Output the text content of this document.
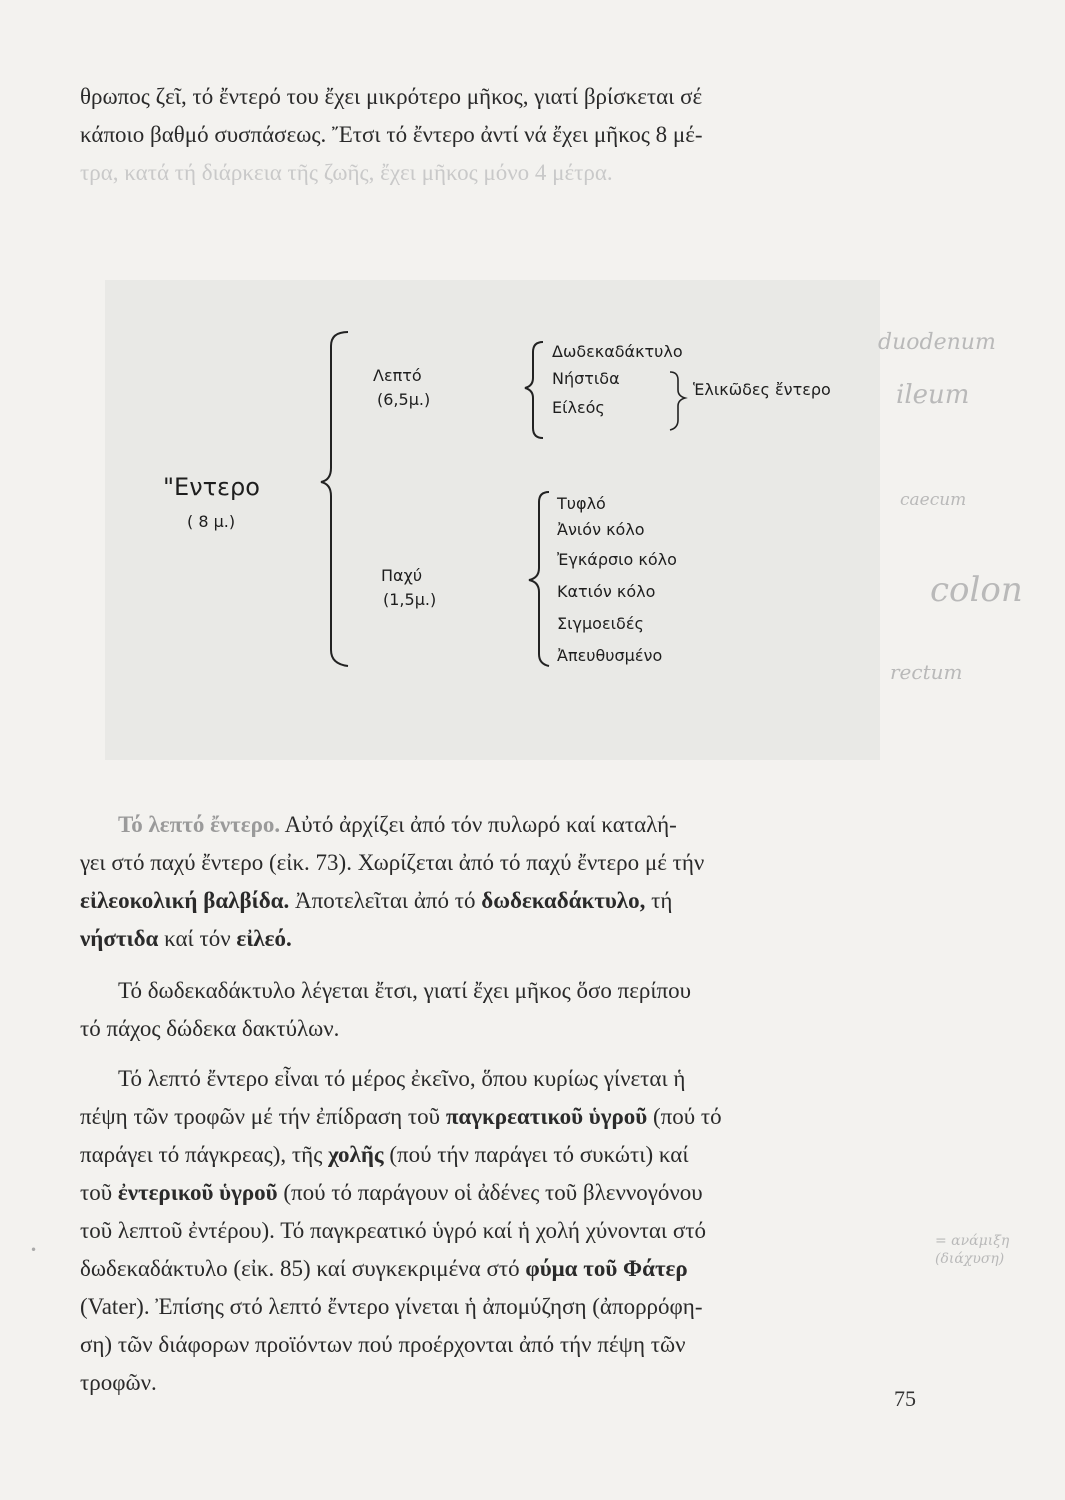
θρωπος ζεῖ, τό ἔντερό του ἔχει μικρότερο μῆκος, γιατί βρίσκεται σέ
κάποιο βαθμό συσπάσεως. Ἔτσι τό ἔντερο ἀντί νά ἔχει μῆκος 8 μέ-
τρα, κατά τή διάρκεια τῆς ζωῆς, ἔχει μῆκος μόνο 4 μέτρα.
"Εντερο
( 8 μ.)
Λεπτό
(6,5μ.)
Δωδεκαδάκτυλο
Νήστιδα
Είλεός
Ἑλικῶδες ἔντερο
Παχύ
(1,5μ.)
Τυφλό
Ἀνιόν κόλο
Ἐγκάρσιο κόλο
Κατιόν κόλο
Σιγμοειδές
Ἀπευθυσμένο
duodenum
ileum
caecum
colon
rectum
= ανάμιξη
(διάχυση)
Τό λεπτό ἔντερο. Αὐτό ἀρχίζει ἀπό τόν πυλωρό καί καταλή-
γει στό παχύ ἔντερο (εἰκ. 73). Χωρίζεται ἀπό τό παχύ ἔντερο μέ τήν
εἰλεοκολική βαλβίδα. Ἀποτελεῖται ἀπό τό δωδεκαδάκτυλο, τή
νήστιδα καί τόν εἰλεό.
Τό δωδεκαδάκτυλο λέγεται ἔτσι, γιατί ἔχει μῆκος ὅσο περίπου
τό πάχος δώδεκα δακτύλων.
Τό λεπτό ἔντερο εἶναι τό μέρος ἐκεῖνο, ὅπου κυρίως γίνεται ἡ
πέψη τῶν τροφῶν μέ τήν ἐπίδραση τοῦ παγκρεατικοῦ ὑγροῦ (πού τό
παράγει τό πάγκρεας), τῆς χολῆς (πού τήν παράγει τό συκώτι) καί
τοῦ ἐντερικοῦ ὑγροῦ (πού τό παράγουν οἱ ἀδένες τοῦ βλεννογόνου
τοῦ λεπτοῦ ἐντέρου). Τό παγκρεατικό ὑγρό καί ἡ χολή χύνονται στό
δωδεκαδάκτυλο (εἰκ. 85) καί συγκεκριμένα στό φύμα τοῦ Φάτερ
(Vater). Ἐπίσης στό λεπτό ἔντερο γίνεται ἡ ἀπομύζηση (ἀπορρόφη-
ση) τῶν διάφορων προϊόντων πού προέρχονται ἀπό τήν πέψη τῶν
τροφῶν.
•
75
